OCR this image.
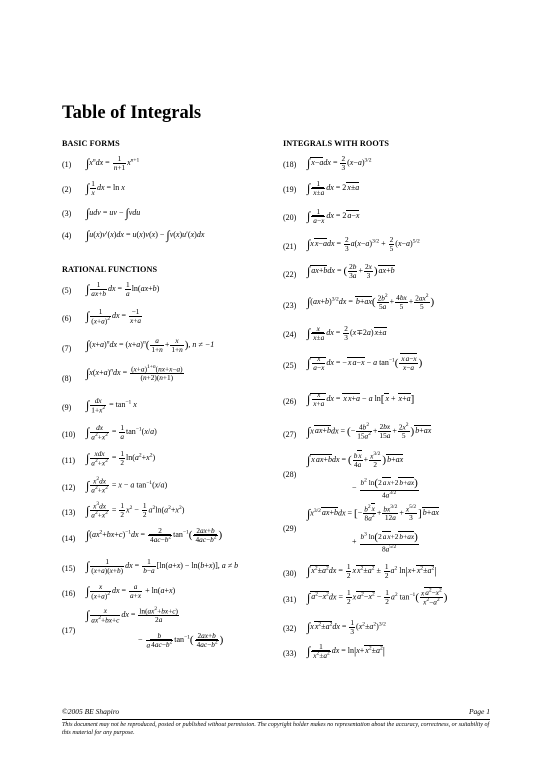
Table of Integrals
BASIC FORMS	INTEGRALS WITH ROOTS
RATIONAL FUNCTIONS
(1) $\int x^ndx = \frac{1}{n+1} x^{n+1}$
(2) ∫ $\frac{1}{x}$ dx = ln x
(3) ∫udv = uv − ∫vdu
(4) ∫u(x)v′(x)dx = u(x)v(x) − ∫v(x)u′(x)dx
(5) ∫ $\frac{1}{ax+b}$ dx = $\frac{1}{a} \ln(ax+b)$
(6) ∫ $\frac{1}{(x+a)^2}$ dx = $\frac{-1}{x+a}$
(7) $\int(x+a)^ndx = (x+a)^n( \frac{a}{1+n} + \frac{x}{1+n}$ ), n ≠ −1
(8) $\int x(x+a)^ndx = \frac{(x+a)^{1+n}(nx+x-a)}{(n+2)(n+1)}$
(9) ∫ $\frac{dx}{1+x^2} = \tan^{-1} x$
(10) ∫ $\frac{dx}{a^2+x^2} = \frac{1}{a} \tan^{-1}(x/a)$
(11) ∫ xdx
$a^2+x^2 = \frac{1}{2} \ln(a^2+x^2)$
(12) ∫ $\frac{x^2dx}{a^2+x^2} = x - a$ $\tan^{-1}(x/a)$
(13) ∫ $\frac{x^3dx}{a^2+x^2} = \frac{1}{2} x^2 - \frac{1}{2} a^2\ln(a^2+x^2)$
(14) $\int(ax^2+bx+c)^{-1}dx = \frac{2}{4ac-b^2} \tan^{-1}( \frac{2ax+b}{4ac-b^2}$ )
(15) ∫ $\frac{1}{(x+a)(x+b)}$ dx = $\frac{1}{b-a} [\ln(a+x) - \ln(b+x)]$, a ≠ b
(16) ∫ $\frac{x}{(x+a)^2}$ dx = $\frac{a}{a+x} + \ln(a+x)$
(17)
∫ $\frac{x}{ax^2+bx+c}$ dx = $\frac{\ln(ax^2+bx+c)}{2a}$
− $\frac{b}{a4ac-b^2} \tan^{-1}( \frac{2ax+b}{4ac-b^2}$ )
(18) $\int x-adx = \frac{2}{3} (x-a)^{3/2}$
(19) ∫ $\frac{1}{x\pm a}$ dx = 2x±a
(20) ∫ $\frac{1}{a-x}$ dx = 2a−x
(21) $\int xx-adx = \frac{2}{3} a(x-a)^{3/2} + \frac{2}{5} (x-a)^{5/2}$
(22) ∫ax+bdx = ( $\frac{2b}{3a} + \frac{2x}{3} )ax+b$
(23) $\int(ax+b)^{3/2}dx = b+ax( \frac{2b^2}{5a} + \frac{4bx}{5} + \frac{2ax^2}{5}$ )
(24) ∫ $\frac{x}{x\pm a}$ dx = $\frac{2}{3} (x\mp 2a)x\pm a$
(25) ∫ $\frac{x}{a-x}$ dx = −xa−x − a $\tan^{-1}( \frac{xa-x}{x-a}$ )
(26) ∫ $\frac{x}{x+a}$ dx = xx+a − a ln[x + x+a]
(27) ∫xax+bdx = (− $\frac{4b^2}{15a^2} + \frac{2bx}{15a} + \frac{2x^2}{5} )b+ax$
(28)
∫xax+bdx = ( $\frac{bx}{4a} + \frac{x^{3/2}}{2} )b+ax$
− $\frac{b^2 \ln(2ax+2b+ax)}{4a^{3/2}}$
(29)
$\int x^{3/2}ax+bdx$ = [− $\frac{b^2x}{8a^2} + \frac{bx^{3/2}}{12a} + \frac{x^{5/2}}{3} ]b+ax$
+ $\frac{b^3 \ln(2ax+2b+ax)}{8a^{5/2}}$
(30) $\int x^2\pm a^2dx = \frac{1}{2} xx^2\pm a^2 \pm \frac{1}{2} a^2$ $\ln|x+x^2\pm a^2|$
(31) $\int a^2-x^2dx = \frac{1}{2} xa^2-x^2 - \frac{1}{2} a^2$ $\tan^{-1}( \frac{xa^2-x^2}{x^2-a^2}$ )
(32) $\int xx^2\pm a^2dx = \frac{1}{3} (x^2\pm a^2)^{3/2}$
(33) ∫ $\frac{1}{x^2\pm a^2}$ dx = $\ln|x+x^2\pm a^2|$
©2005 BE Shapiro	Page 1
This document may not be reproduced, posted or published without permission. The copyright holder makes no representation about the accuracy, correctness, or suitability of this material for any purpose.
